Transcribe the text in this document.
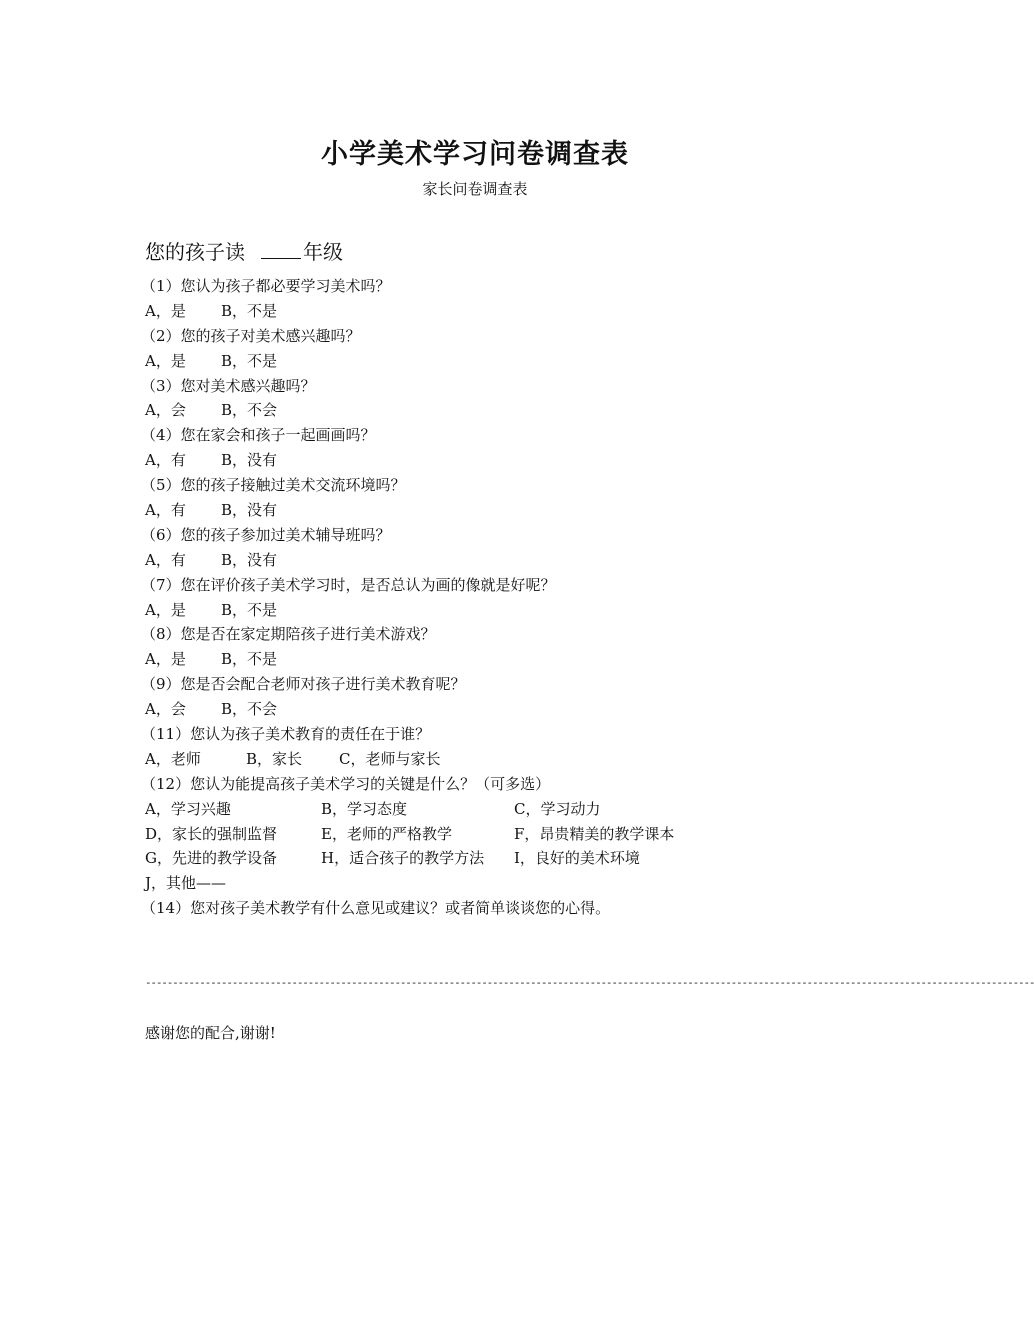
小学美术学习问卷调查表

家长问卷调查表

您的孩子读	年级

（1）您认为孩子都必要学习美术吗？
A，是 B，不是
（2）您的孩子对美术感兴趣吗？
A，是 B，不是
（3）您对美术感兴趣吗？
A，会 B，不会
（4）您在家会和孩子一起画画吗？
A，有 B，没有
（5）您的孩子接触过美术交流环境吗？
A，有 B，没有
（6）您的孩子参加过美术辅导班吗？
A，有 B，没有
（7）您在评价孩子美术学习时，是否总认为画的像就是好呢？
A，是 B，不是
（8）您是否在家定期陪孩子进行美术游戏？
A，是 B，不是
（9）您是否会配合老师对孩子进行美术教育呢？
A，会 B，不会
（11）您认为孩子美术教育的责任在于谁？
A，老师	B，家长 C，老师与家长
（12）您认为能提高孩子美术学习的关键是什么？（可多选）
A，学习兴趣	B，学习态度	C，学习动力
D，家长的强制监督	E，老师的严格教学	F，昂贵精美的教学课本
G，先进的教学设备	H，适合孩子的教学方法 I，良好的美术环境
J，其他——
（14）您对孩子美术教学有什么意见或建议？或者简单谈谈您的心得。
--------------------------------------------------------------------------------------------------------------------------------------------------------------------

感谢您的配合,谢谢!
